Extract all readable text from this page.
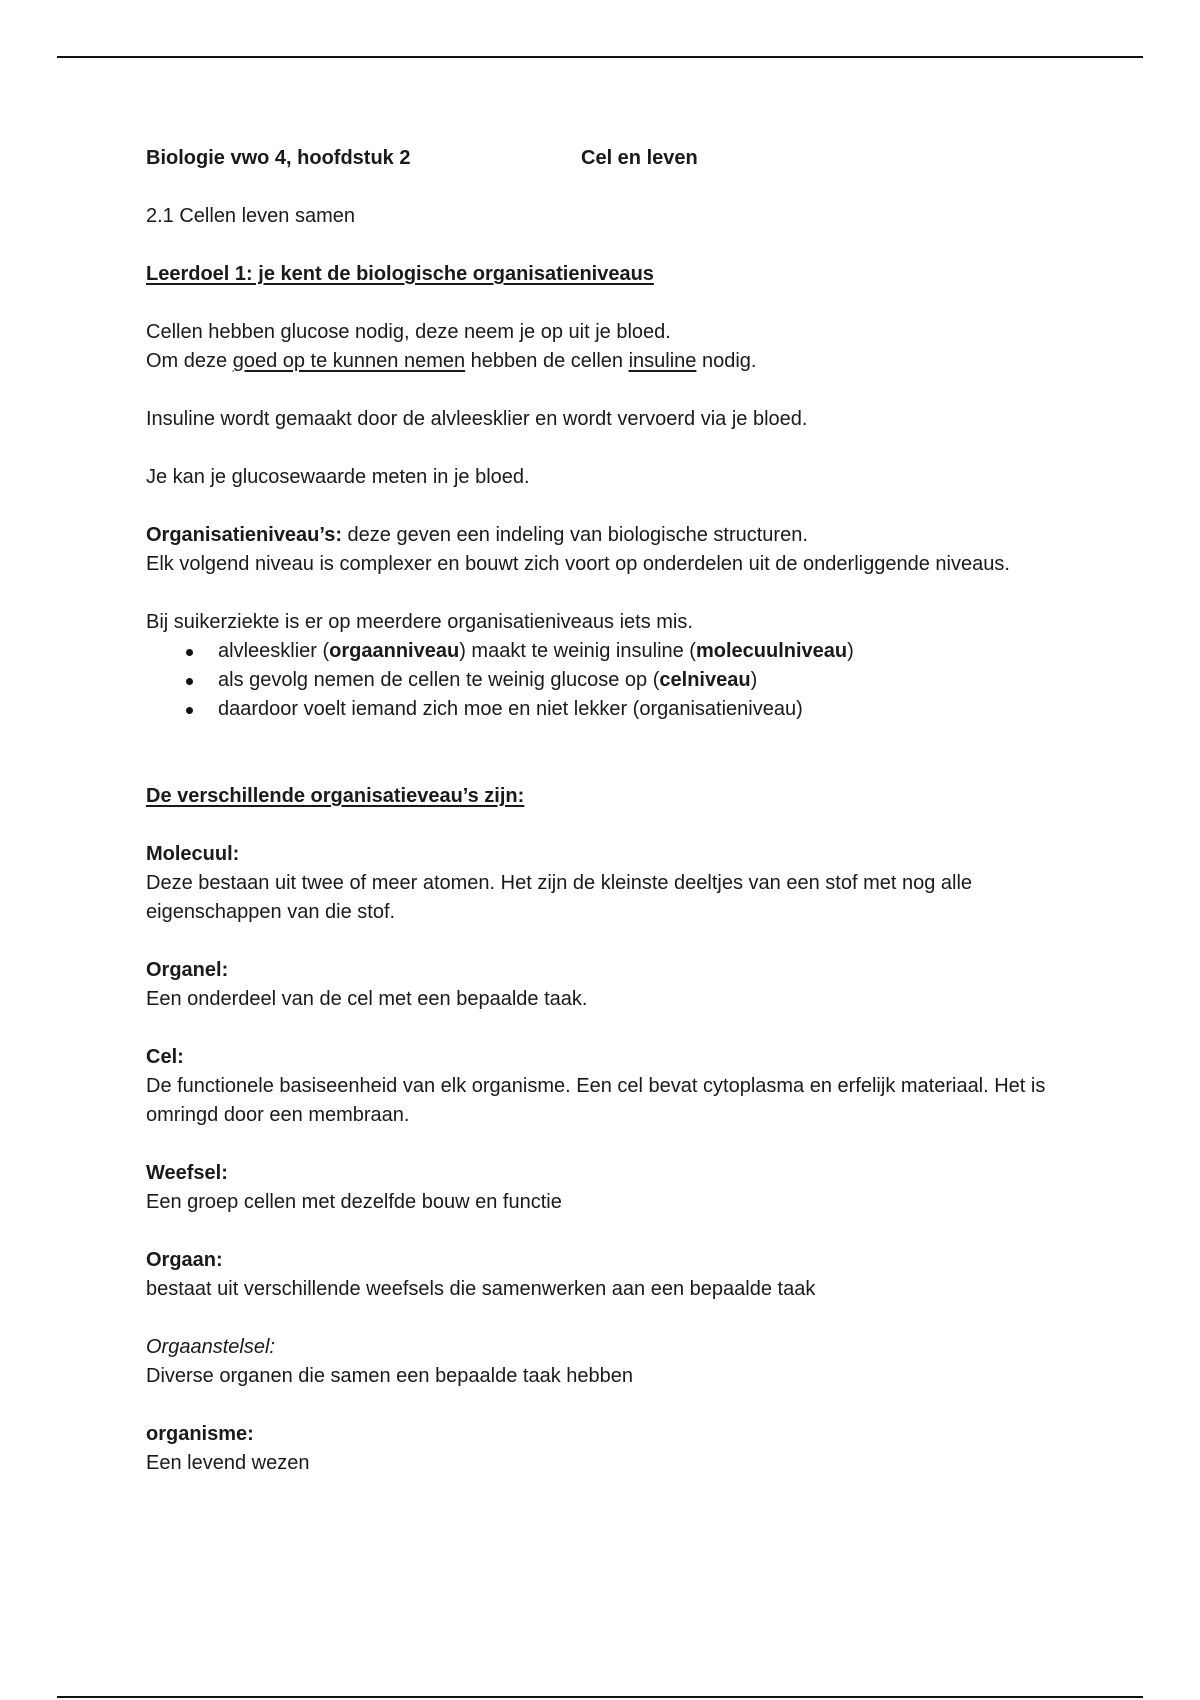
Biologie vwo 4, hoofdstuk 2	Cel en leven

2.1 Cellen leven samen

Leerdoel 1: je kent de biologische organisatieniveaus

Cellen hebben glucose nodig, deze neem je op uit je bloed.

Om deze goed op te kunnen nemen hebben de cellen insuline nodig.

Insuline wordt gemaakt door de alvleesklier en wordt vervoerd via je bloed.

Je kan je glucosewaarde meten in je bloed.

Organisatieniveau’s: deze geven een indeling van biologische structuren.

Elk volgend niveau is complexer en bouwt zich voort op onderdelen uit de onderliggende niveaus.

Bij suikerziekte is er op meerdere organisatieniveaus iets mis.

alvleesklier (orgaanniveau) maakt te weinig insuline (molecuulniveau)
als gevolg nemen de cellen te weinig glucose op (celniveau)
daardoor voelt iemand zich moe en niet lekker (organisatieniveau)

De verschillende organisatieveau’s zijn:

Molecuul:

Deze bestaan uit twee of meer atomen. Het zijn de kleinste deeltjes van een stof met nog alle eigenschappen van die stof.

Organel:

Een onderdeel van de cel met een bepaalde taak.

Cel:

De functionele basiseenheid van elk organisme. Een cel bevat cytoplasma en erfelijk materiaal. Het is omringd door een membraan.

Weefsel:

Een groep cellen met dezelfde bouw en functie

Orgaan:

bestaat uit verschillende weefsels die samenwerken aan een bepaalde taak

Orgaanstelsel:

Diverse organen die samen een bepaalde taak hebben

organisme:

Een levend wezen
